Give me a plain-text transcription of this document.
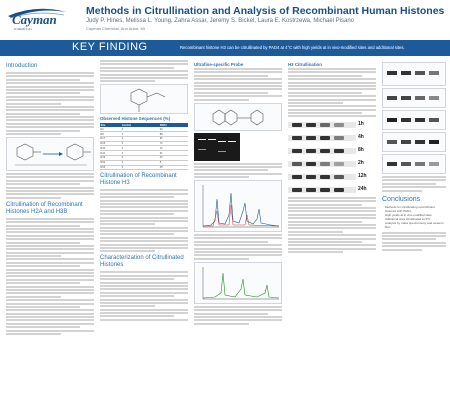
Cayman
CHEMICAL
Methods in Citrullination and Analysis of Recombinant Human Histones
Judy P. Hines, Melissa L. Young, Zahra Assar, Jeremy S. Bickel, Laura E. Kostrzewa, Michael Pisano
Cayman Chemical, Ann Arbor, MI
KEY FINDING	Recombinant histone H3 can be citrullinated by PAD4 at 4°C with high yields at in vivo-modified sites and additional sites.
Introduction
Citrullination of Recombinant Histones H2A and H3B
Observed Histone Sequences (%)
Site	Control	PAD4
R2	0	93
R8	0	88
R17	0	95
R26	0	72
R40	0	15
R42	0	31
R49	0	60
R52	0	8
R53	0	45
Citrullination of Recombinant Histone H3
Characterization of Citrullinated Histones
Ultrafine-specific Probe	H3 Citrullination
1h
4h
8h
2h
12h
24h
Conclusions
Methods for citrullinating recombinant histones with PAD4.
High yields at in vivo-modified sites.
Additional sites citrullinated at 4°C.
Analysis by mass spectrometry and western blot.
